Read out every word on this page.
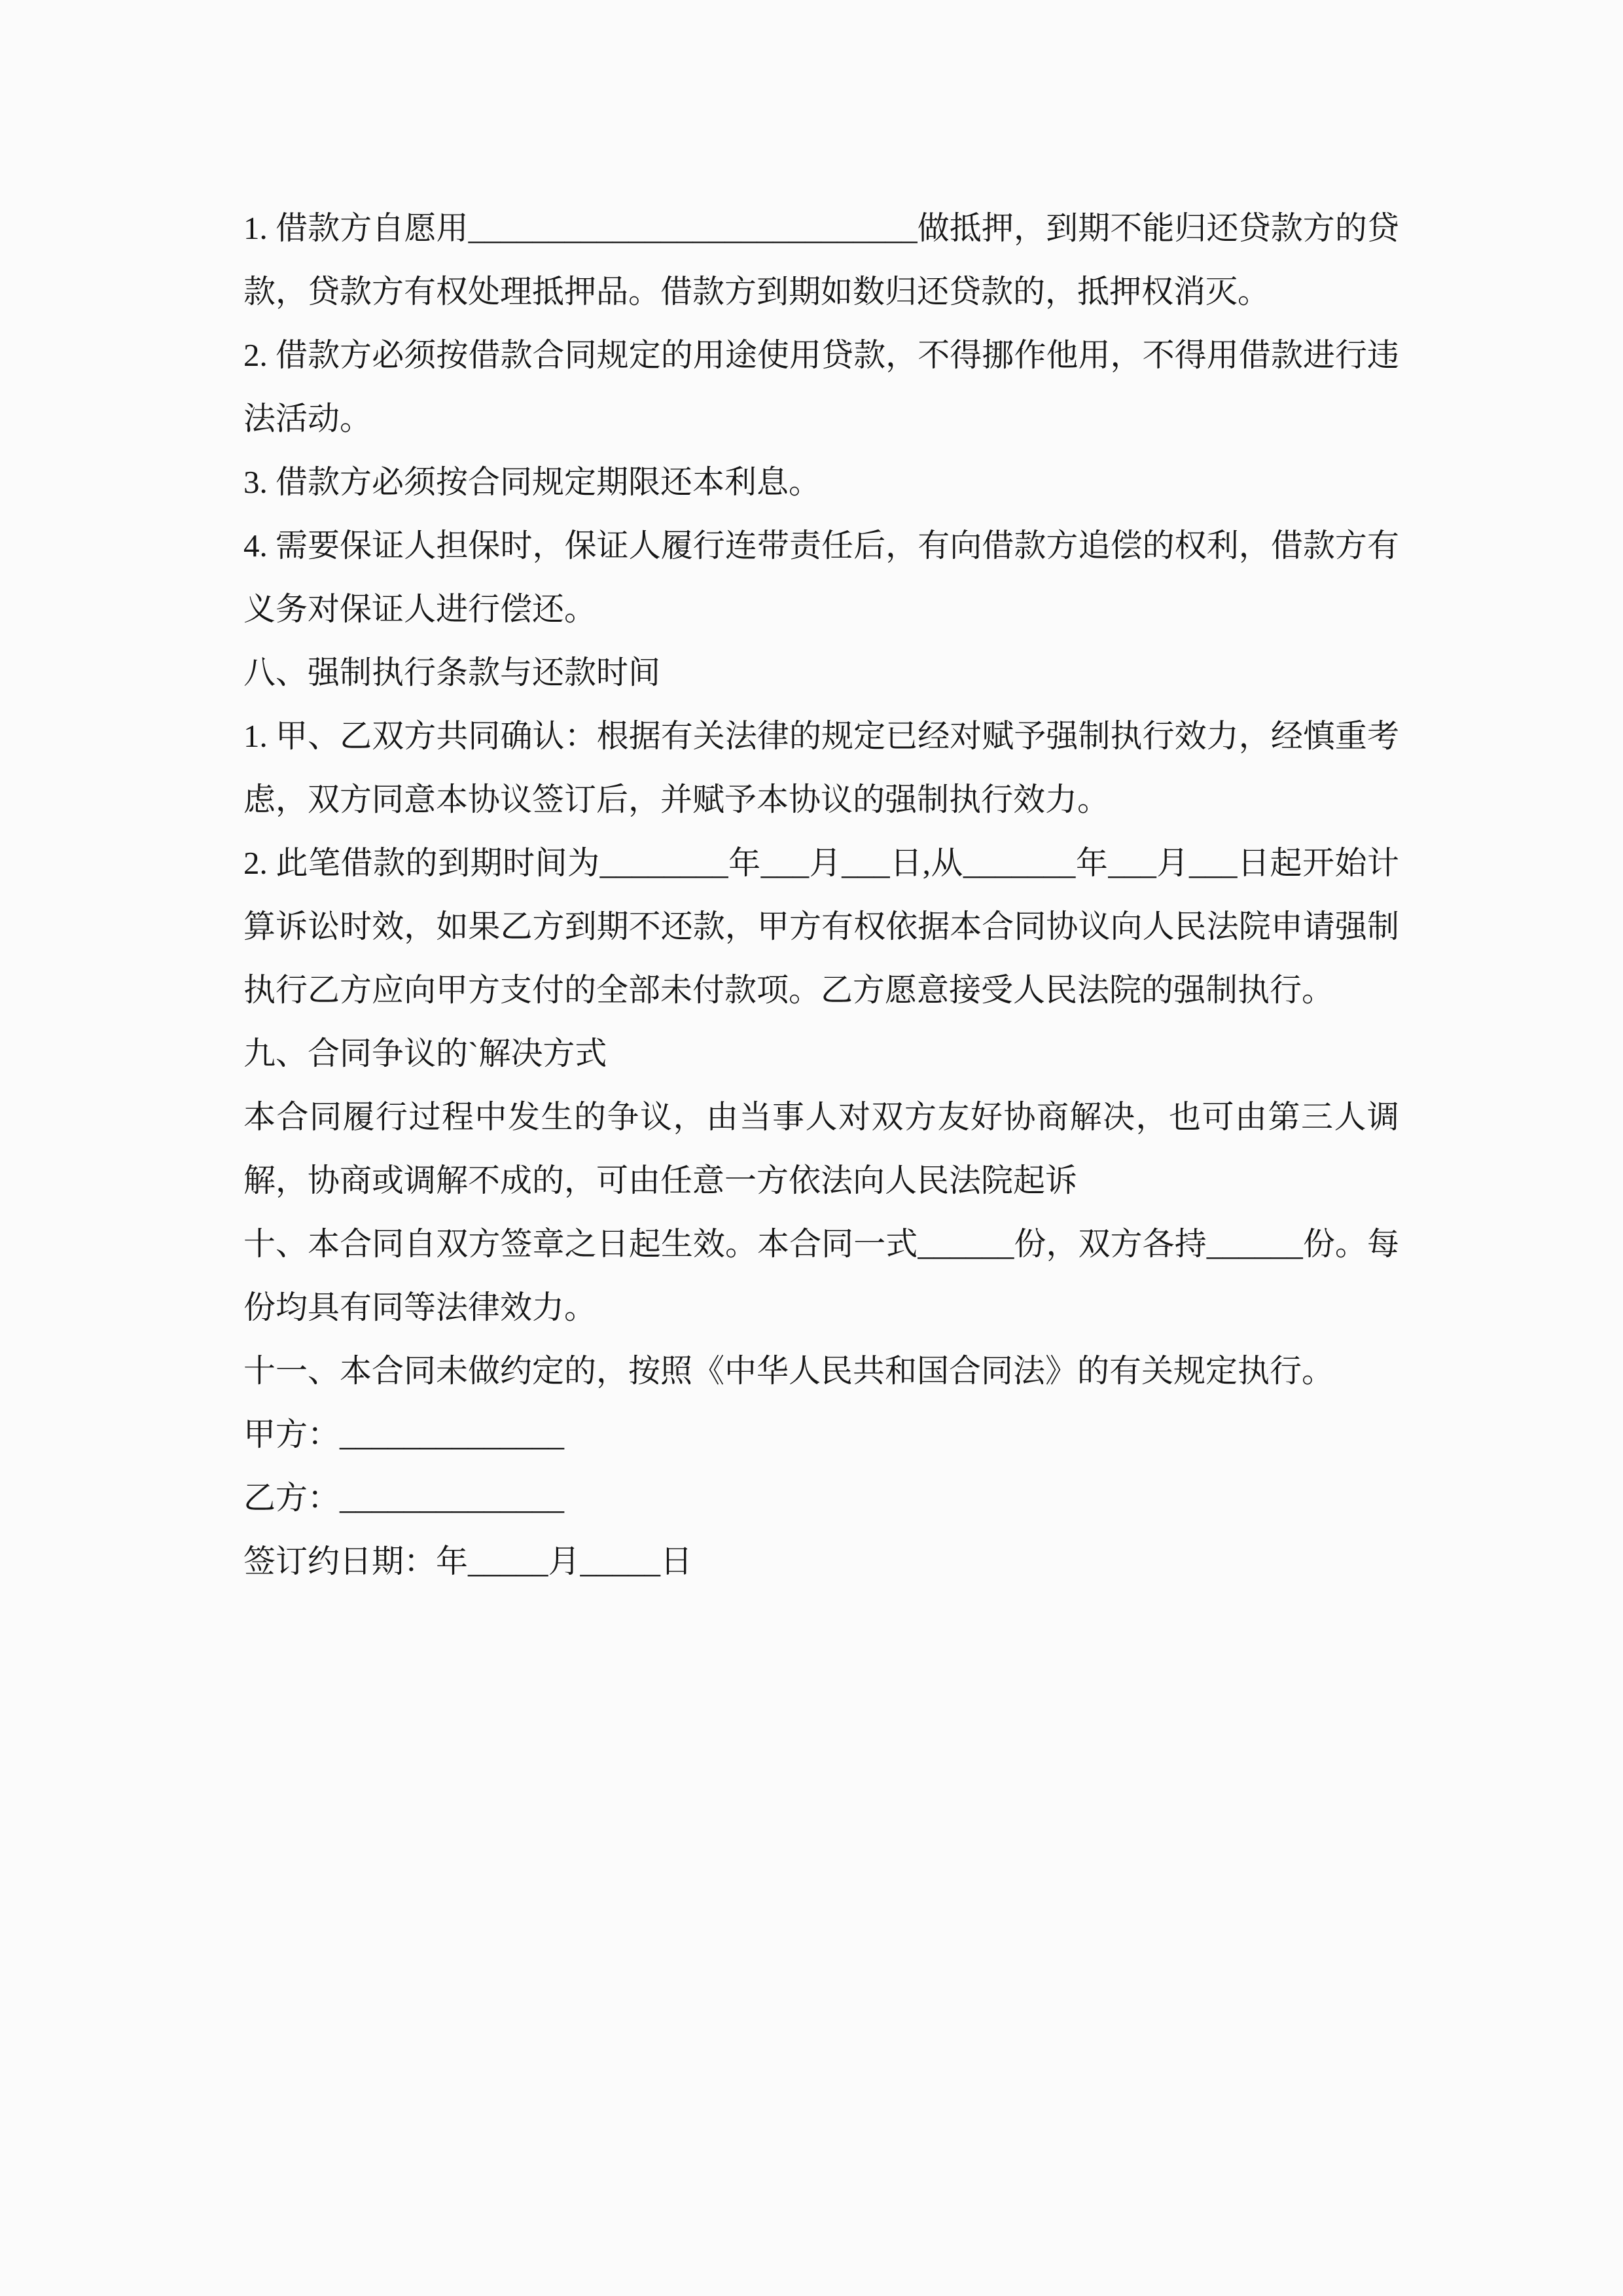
1. 借款方自愿用____________________________做抵押，到期不能归还贷款方的贷款，贷款方有权处理抵押品。借款方到期如数归还贷款的，抵押权消灭。

2. 借款方必须按借款合同规定的用途使用贷款，不得挪作他用，不得用借款进行违法活动。

3. 借款方必须按合同规定期限还本利息。

4. 需要保证人担保时，保证人履行连带责任后，有向借款方追偿的权利，借款方有义务对保证人进行偿还。

八、强制执行条款与还款时间

1. 甲、乙双方共同确认：根据有关法律的规定已经对赋予强制执行效力，经慎重考虑，双方同意本协议签订后，并赋予本协议的强制执行效力。

2. 此笔借款的到期时间为________年___月___日,从_______年___月___日起开始计算诉讼时效，如果乙方到期不还款，甲方有权依据本合同协议向人民法院申请强制执行乙方应向甲方支付的全部未付款项。乙方愿意接受人民法院的强制执行。

九、合同争议的`解决方式

本合同履行过程中发生的争议，由当事人对双方友好协商解决，也可由第三人调解，协商或调解不成的，可由任意一方依法向人民法院起诉

十、本合同自双方签章之日起生效。本合同一式______份，双方各持______份。每份均具有同等法律效力。

十一、本合同未做约定的，按照《中华人民共和国合同法》的有关规定执行。

甲方：______________

乙方：______________

签订约日期：年_____月_____日
